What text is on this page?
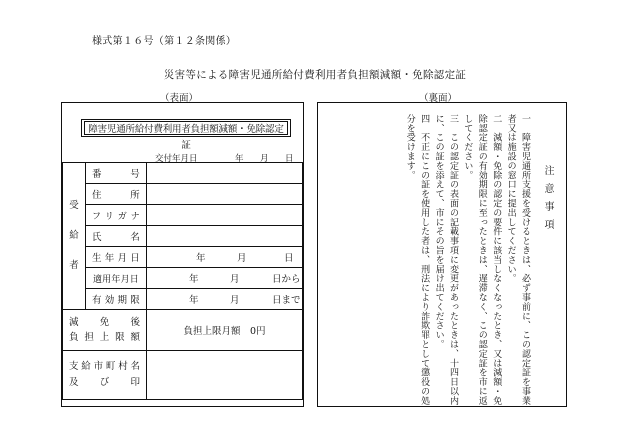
様式第１６号（第１２条関係）
災害等による障害児通所給付費利用者負担額減額・免除認定証
（表面）	（裏面）
障害児通所給付費利用者負担額減額・免除認定証
交付年月日	年 月 日
受
給
者	番号	
	住所	
	フリガナ	
	氏名	
	生年月日	年 月 日
	適用年月日	年 月 日から
	有効期限	年 月 日まで

減免後
負担上限額		負担上限月額　0円

支給市町村名
及び印		

注意事項

一　障害児通所支援を受けるときは、必ず事前に、この認定証を事業者又は施設の窓口に提出してください。

二　減額・免除の認定の要件に該当しなくなったとき、又は減額・免除認定証の有効期限に至ったときは、遅滞なく、この認定証を市に返してください。

三　この認定証の表面の記載事項に変更があったときは、十四日以内に、この証を添えて、市にその旨を届け出てください。

四　不正にこの証を使用した者は、刑法により詐欺罪として懲役の処分を受けます。
